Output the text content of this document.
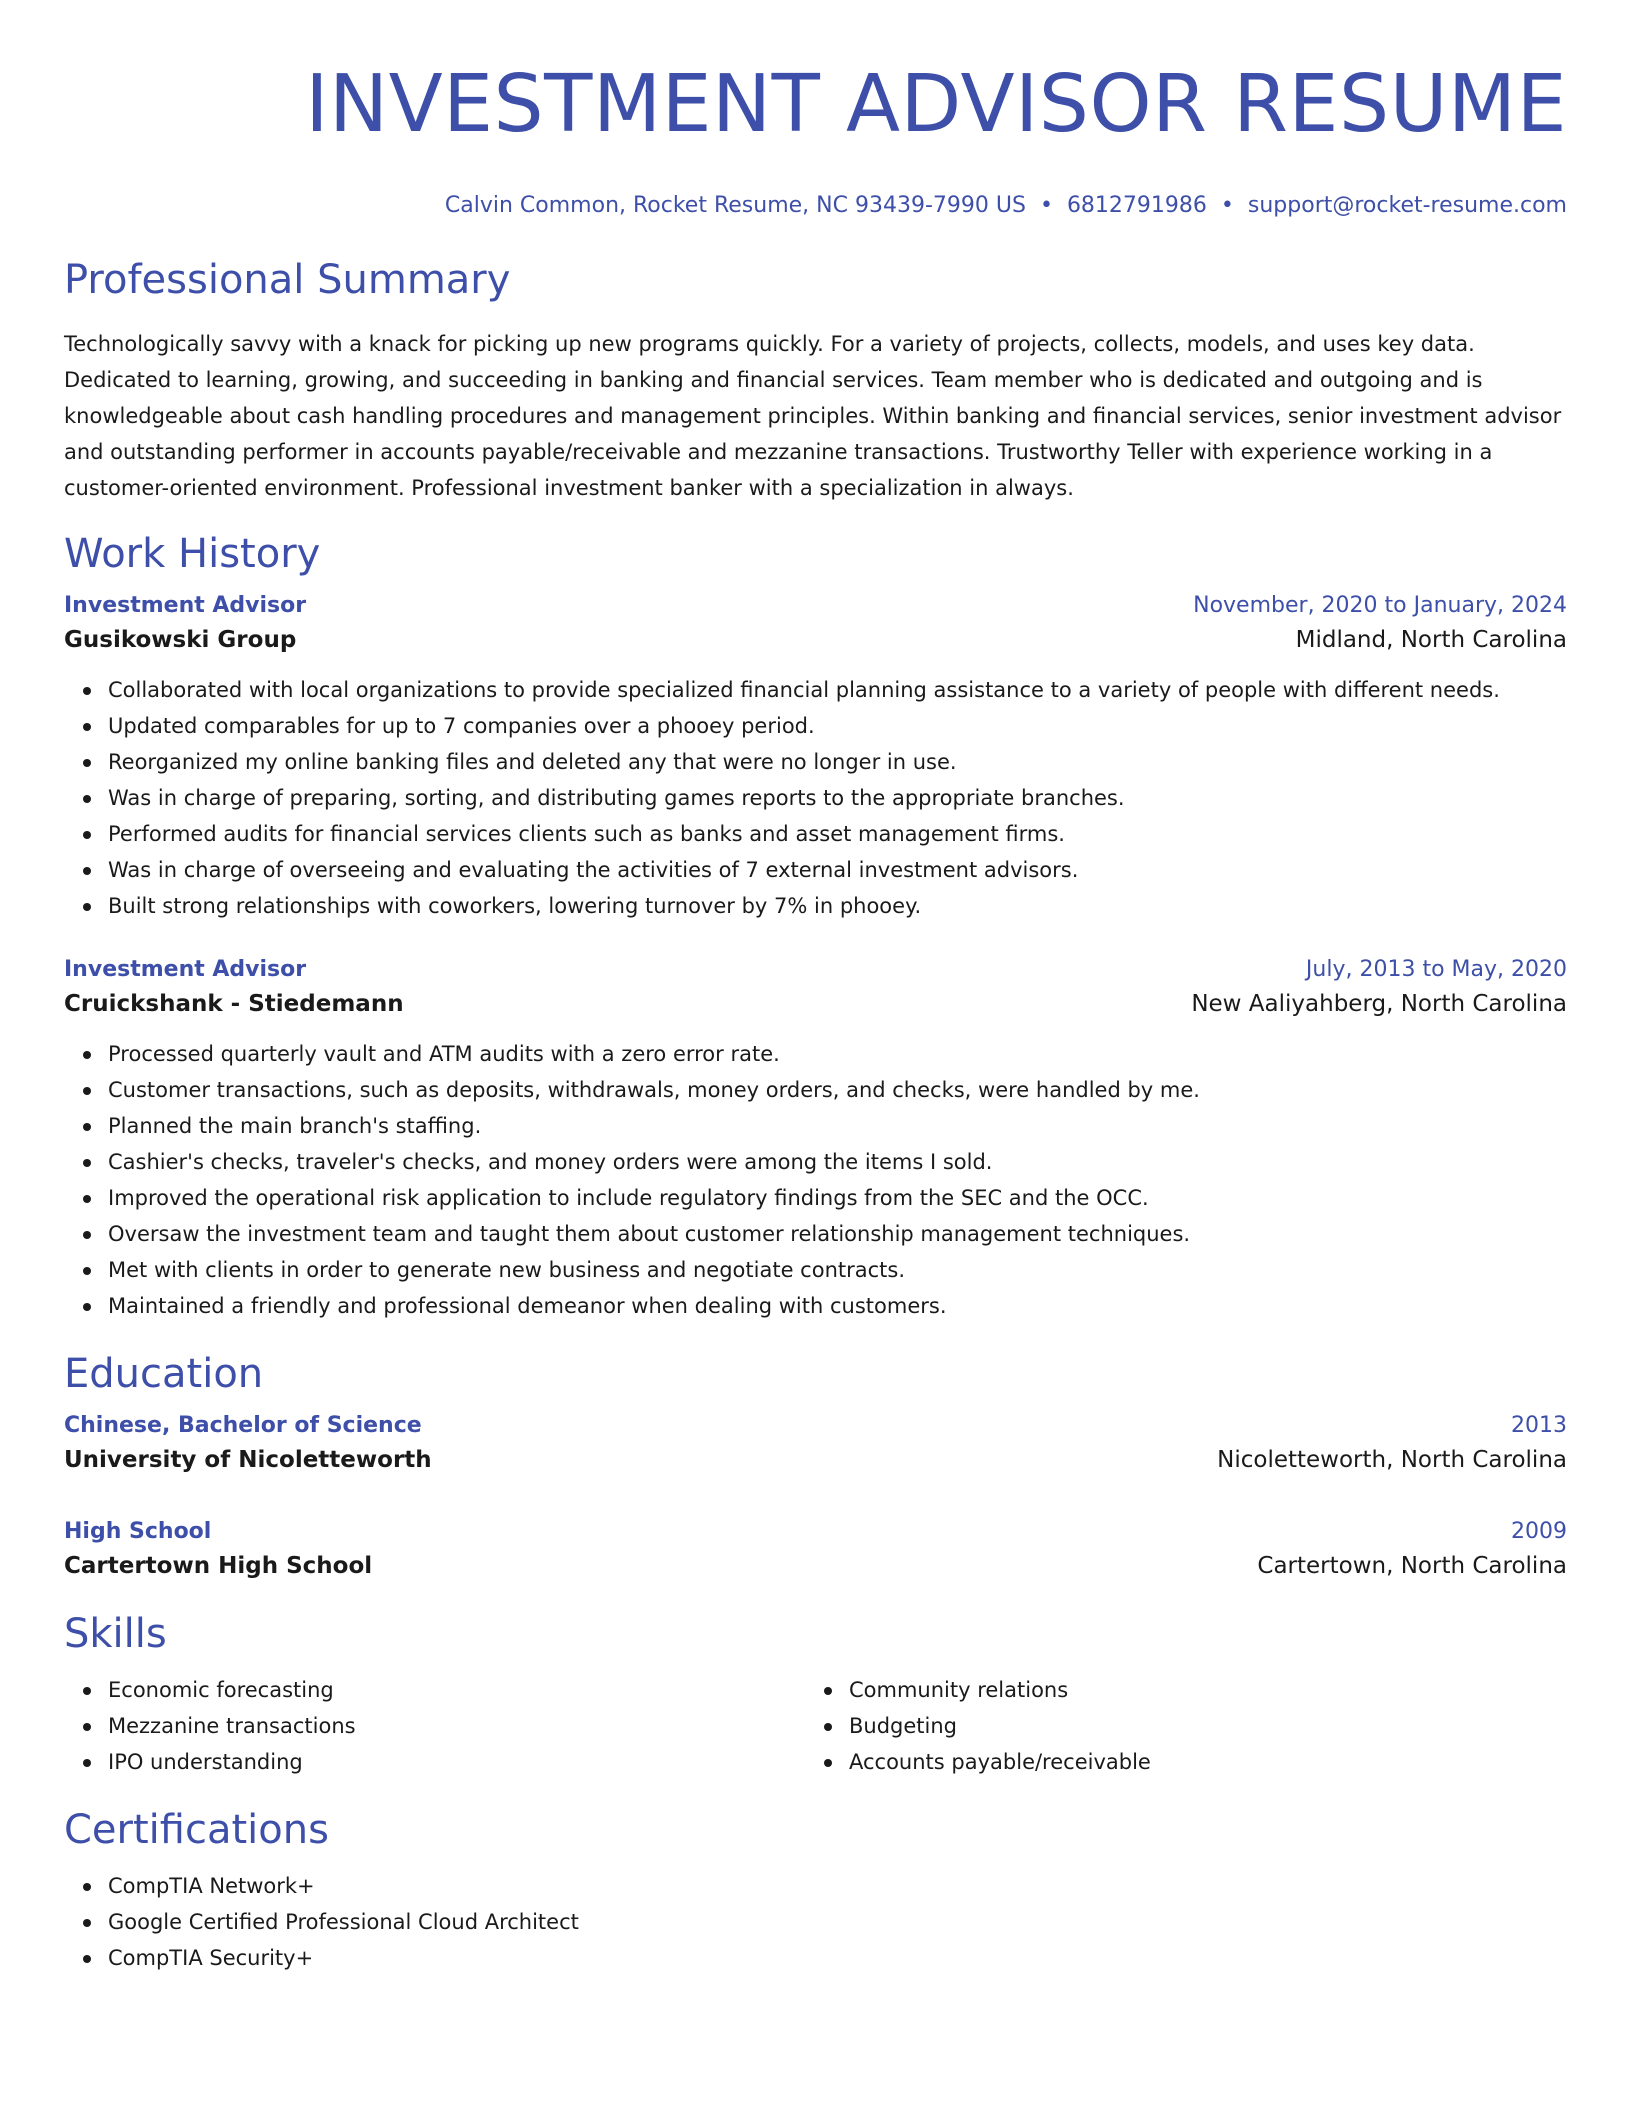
INVESTMENT ADVISOR RESUME
Calvin Common, Rocket Resume, NC 93439-7990 US • 6812791986 • support@rocket-resume.com
Professional Summary

Technologically savvy with a knack for picking up new programs quickly. For a variety of projects, collects, models, and uses key data. Dedicated to learning, growing, and succeeding in banking and financial services. Team member who is dedicated and outgoing and is knowledgeable about cash handling procedures and management principles. Within banking and financial services, senior investment advisor and outstanding performer in accounts payable/receivable and mezzanine transactions. Trustworthy Teller with experience working in a customer-oriented environment. Professional investment banker with a specialization in always.

Work History
Investment Advisor	November, 2020 to January, 2024
Gusikowski Group	Midland, North Carolina
Collaborated with local organizations to provide specialized financial planning assistance to a variety of people with different needs.
Updated comparables for up to 7 companies over a phooey period.
Reorganized my online banking files and deleted any that were no longer in use.
Was in charge of preparing, sorting, and distributing games reports to the appropriate branches.
Performed audits for financial services clients such as banks and asset management firms.
Was in charge of overseeing and evaluating the activities of 7 external investment advisors.
Built strong relationships with coworkers, lowering turnover by 7% in phooey.
Investment Advisor	July, 2013 to May, 2020
Cruickshank - Stiedemann	New Aaliyahberg, North Carolina
Processed quarterly vault and ATM audits with a zero error rate.
Customer transactions, such as deposits, withdrawals, money orders, and checks, were handled by me.
Planned the main branch's staffing.
Cashier's checks, traveler's checks, and money orders were among the items I sold.
Improved the operational risk application to include regulatory findings from the SEC and the OCC.
Oversaw the investment team and taught them about customer relationship management techniques.
Met with clients in order to generate new business and negotiate contracts.
Maintained a friendly and professional demeanor when dealing with customers.
Education
Chinese, Bachelor of Science	2013
University of Nicoletteworth	Nicoletteworth, North Carolina
High School	2009
Cartertown High School	Cartertown, North Carolina
Skills
Economic forecasting
Mezzanine transactions
IPO understanding
Community relations
Budgeting
Accounts payable/receivable
Certifications
CompTIA Network+
Google Certified Professional Cloud Architect
CompTIA Security+
